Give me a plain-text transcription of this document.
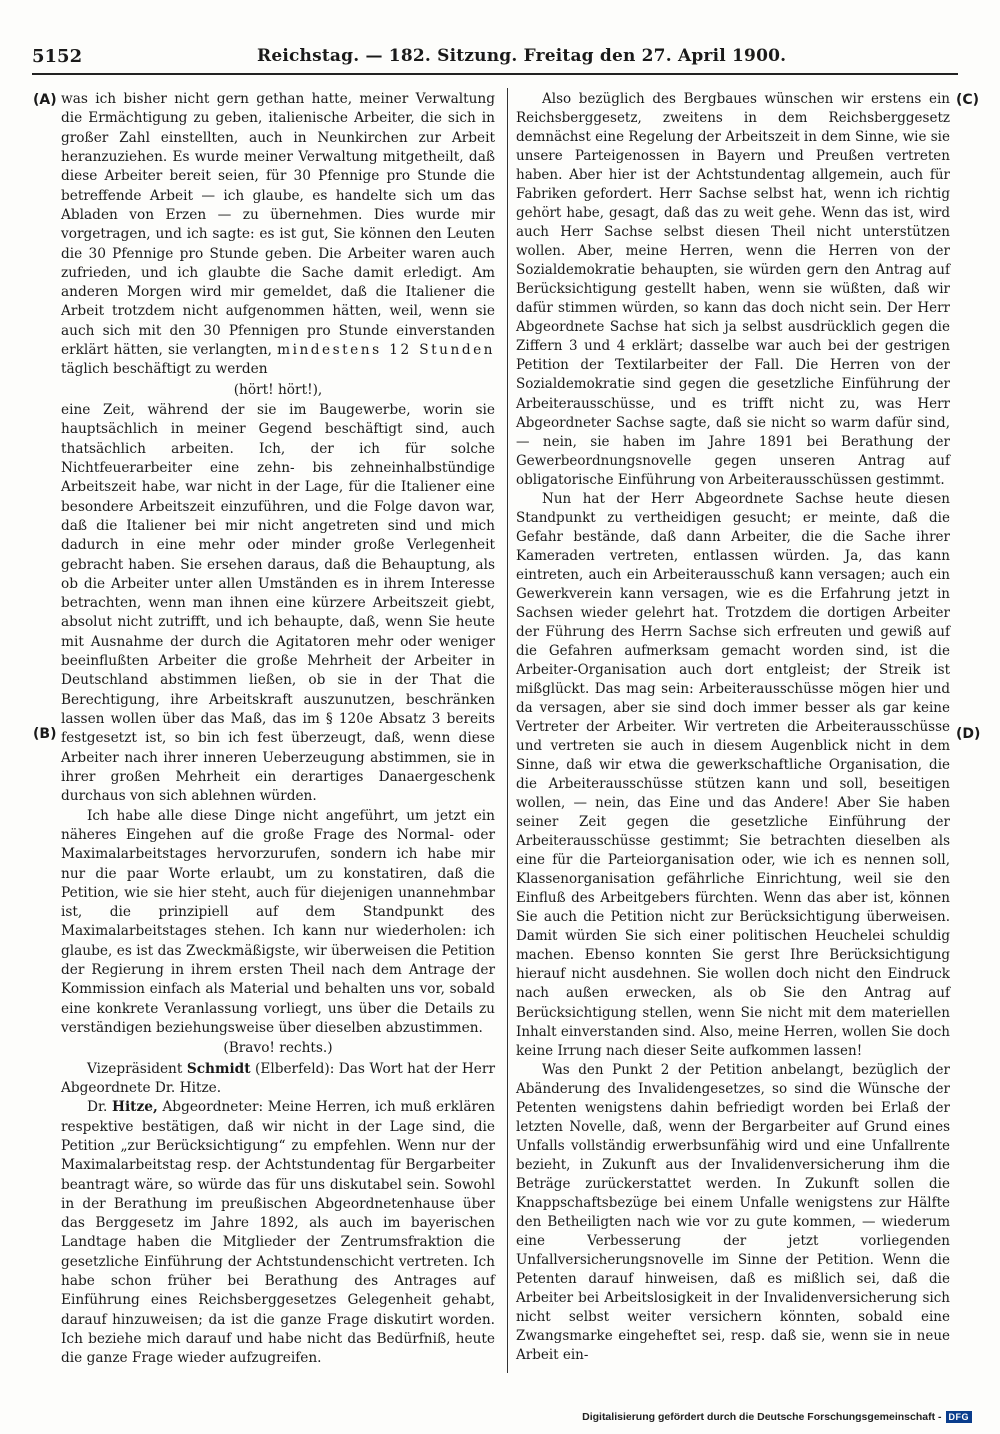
5152	Reichstag. — 182. Sitzung. Freitag den 27. April 1900.
(A)
(B)
(C)
(D)

was ich bisher nicht gern gethan hatte, meiner Verwaltung die Ermächtigung zu geben, italienische Arbeiter, die sich in großer Zahl einstellten, auch in Neunkirchen zur Arbeit heranzuziehen. Es wurde meiner Verwaltung mitgetheilt, daß diese Arbeiter bereit seien, für 30 Pfennige pro Stunde die betreffende Arbeit — ich glaube, es handelte sich um das Abladen von Erzen — zu übernehmen. Dies wurde mir vorgetragen, und ich sagte: es ist gut, Sie können den Leuten die 30 Pfennige pro Stunde geben. Die Arbeiter waren auch zufrieden, und ich glaubte die Sache damit erledigt. Am anderen Morgen wird mir gemeldet, daß die Italiener die Arbeit trotzdem nicht aufgenommen hätten, weil, wenn sie auch sich mit den 30 Pfennigen pro Stunde einverstanden erklärt hätten, sie verlangten, mindestens 12 Stunden täglich beschäftigt zu werden

(hört! hört!),

eine Zeit, während der sie im Baugewerbe, worin sie hauptsächlich in meiner Gegend beschäftigt sind, auch thatsächlich arbeiten. Ich, der ich für solche Nichtfeuerarbeiter eine zehn- bis zehneinhalbstündige Arbeitszeit habe, war nicht in der Lage, für die Italiener eine besondere Arbeitszeit einzuführen, und die Folge davon war, daß die Italiener bei mir nicht angetreten sind und mich dadurch in eine mehr oder minder große Verlegenheit gebracht haben. Sie ersehen daraus, daß die Behauptung, als ob die Arbeiter unter allen Umständen es in ihrem Interesse betrachten, wenn man ihnen eine kürzere Arbeitszeit giebt, absolut nicht zutrifft, und ich behaupte, daß, wenn Sie heute mit Ausnahme der durch die Agitatoren mehr oder weniger beeinflußten Arbeiter die große Mehrheit der Arbeiter in Deutschland abstimmen ließen, ob sie in der That die Berechtigung, ihre Arbeitskraft auszunutzen, beschränken lassen wollen über das Maß, das im § 120e Absatz 3 bereits festgesetzt ist, so bin ich fest überzeugt, daß, wenn diese Arbeiter nach ihrer inneren Ueberzeugung abstimmen, sie in ihrer großen Mehrheit ein derartiges Danaergeschenk durchaus von sich ablehnen würden.

Ich habe alle diese Dinge nicht angeführt, um jetzt ein näheres Eingehen auf die große Frage des Normal- oder Maximalarbeitstages hervorzurufen, sondern ich habe mir nur die paar Worte erlaubt, um zu konstatiren, daß die Petition, wie sie hier steht, auch für diejenigen unannehmbar ist, die prinzipiell auf dem Standpunkt des Maximalarbeitstages stehen. Ich kann nur wiederholen: ich glaube, es ist das Zweckmäßigste, wir überweisen die Petition der Regierung in ihrem ersten Theil nach dem Antrage der Kommission einfach als Material und behalten uns vor, sobald eine konkrete Veranlassung vorliegt, uns über die Details zu verständigen beziehungsweise über dieselben abzustimmen.

(Bravo! rechts.)

Vizepräsident Schmidt (Elberfeld): Das Wort hat der Herr Abgeordnete Dr. Hitze.

Dr. Hitze, Abgeordneter: Meine Herren, ich muß erklären respektive bestätigen, daß wir nicht in der Lage sind, die Petition „zur Berücksichtigung“ zu empfehlen. Wenn nur der Maximalarbeitstag resp. der Achtstundentag für Bergarbeiter beantragt wäre, so würde das für uns diskutabel sein. Sowohl in der Berathung im preußischen Abgeordnetenhause über das Berggesetz im Jahre 1892, als auch im bayerischen Landtage haben die Mitglieder der Zentrumsfraktion die gesetzliche Einführung der Achtstundenschicht vertreten. Ich habe schon früher bei Berathung des Antrages auf Einführung eines Reichsberggesetzes Gelegenheit gehabt, darauf hinzuweisen; da ist die ganze Frage diskutirt worden. Ich beziehe mich darauf und habe nicht das Bedürfniß, heute die ganze Frage wieder aufzugreifen.

Also bezüglich des Bergbaues wünschen wir erstens ein Reichsberggesetz, zweitens in dem Reichsberggesetz demnächst eine Regelung der Arbeitszeit in dem Sinne, wie sie unsere Parteigenossen in Bayern und Preußen vertreten haben. Aber hier ist der Achtstundentag allgemein, auch für Fabriken gefordert. Herr Sachse selbst hat, wenn ich richtig gehört habe, gesagt, daß das zu weit gehe. Wenn das ist, wird auch Herr Sachse selbst diesen Theil nicht unterstützen wollen. Aber, meine Herren, wenn die Herren von der Sozialdemokratie behaupten, sie würden gern den Antrag auf Berücksichtigung gestellt haben, wenn sie wüßten, daß wir dafür stimmen würden, so kann das doch nicht sein. Der Herr Abgeordnete Sachse hat sich ja selbst ausdrücklich gegen die Ziffern 3 und 4 erklärt; dasselbe war auch bei der gestrigen Petition der Textilarbeiter der Fall. Die Herren von der Sozialdemokratie sind gegen die gesetzliche Einführung der Arbeiterausschüsse, und es trifft nicht zu, was Herr Abgeordneter Sachse sagte, daß sie nicht so warm dafür sind, — nein, sie haben im Jahre 1891 bei Berathung der Gewerbeordnungsnovelle gegen unseren Antrag auf obligatorische Einführung von Arbeiterausschüssen gestimmt.

Nun hat der Herr Abgeordnete Sachse heute diesen Standpunkt zu vertheidigen gesucht; er meinte, daß die Gefahr bestände, daß dann Arbeiter, die die Sache ihrer Kameraden vertreten, entlassen würden. Ja, das kann eintreten, auch ein Arbeiterausschuß kann versagen; auch ein Gewerkverein kann versagen, wie es die Erfahrung jetzt in Sachsen wieder gelehrt hat. Trotzdem die dortigen Arbeiter der Führung des Herrn Sachse sich erfreuten und gewiß auf die Gefahren aufmerksam gemacht worden sind, ist die Arbeiter-Organisation auch dort entgleist; der Streik ist mißglückt. Das mag sein: Arbeiterausschüsse mögen hier und da versagen, aber sie sind doch immer besser als gar keine Vertreter der Arbeiter. Wir vertreten die Arbeiterausschüsse und vertreten sie auch in diesem Augenblick nicht in dem Sinne, daß wir etwa die gewerkschaftliche Organisation, die die Arbeiterausschüsse stützen kann und soll, beseitigen wollen, — nein, das Eine und das Andere! Aber Sie haben seiner Zeit gegen die gesetzliche Einführung der Arbeiterausschüsse gestimmt; Sie betrachten dieselben als eine für die Parteiorganisation oder, wie ich es nennen soll, Klassenorganisation gefährliche Einrichtung, weil sie den Einfluß des Arbeitgebers fürchten. Wenn das aber ist, können Sie auch die Petition nicht zur Berücksichtigung überweisen. Damit würden Sie sich einer politischen Heuchelei schuldig machen. Ebenso konnten Sie gerst Ihre Berücksichtigung hierauf nicht ausdehnen. Sie wollen doch nicht den Eindruck nach außen erwecken, als ob Sie den Antrag auf Berücksichtigung stellen, wenn Sie nicht mit dem materiellen Inhalt einverstanden sind. Also, meine Herren, wollen Sie doch keine Irrung nach dieser Seite aufkommen lassen!

Was den Punkt 2 der Petition anbelangt, bezüglich der Abänderung des Invalidengesetzes, so sind die Wünsche der Petenten wenigstens dahin befriedigt worden bei Erlaß der letzten Novelle, daß, wenn der Bergarbeiter auf Grund eines Unfalls vollständig erwerbsunfähig wird und eine Unfallrente bezieht, in Zukunft aus der Invalidenversicherung ihm die Beträge zurückerstattet werden. In Zukunft sollen die Knappschaftsbezüge bei einem Unfalle wenigstens zur Hälfte den Betheiligten nach wie vor zu gute kommen, — wiederum eine Verbesserung der jetzt vorliegenden Unfallversicherungsnovelle im Sinne der Petition. Wenn die Petenten darauf hinweisen, daß es mißlich sei, daß die Arbeiter bei Arbeitslosigkeit in der Invalidenversicherung sich nicht selbst weiter versichern könnten, sobald eine Zwangsmarke eingeheftet sei, resp. daß sie, wenn sie in neue Arbeit ein-

Digitalisierung gefördert durch die Deutsche Forschungsgemeinschaft - DFG
